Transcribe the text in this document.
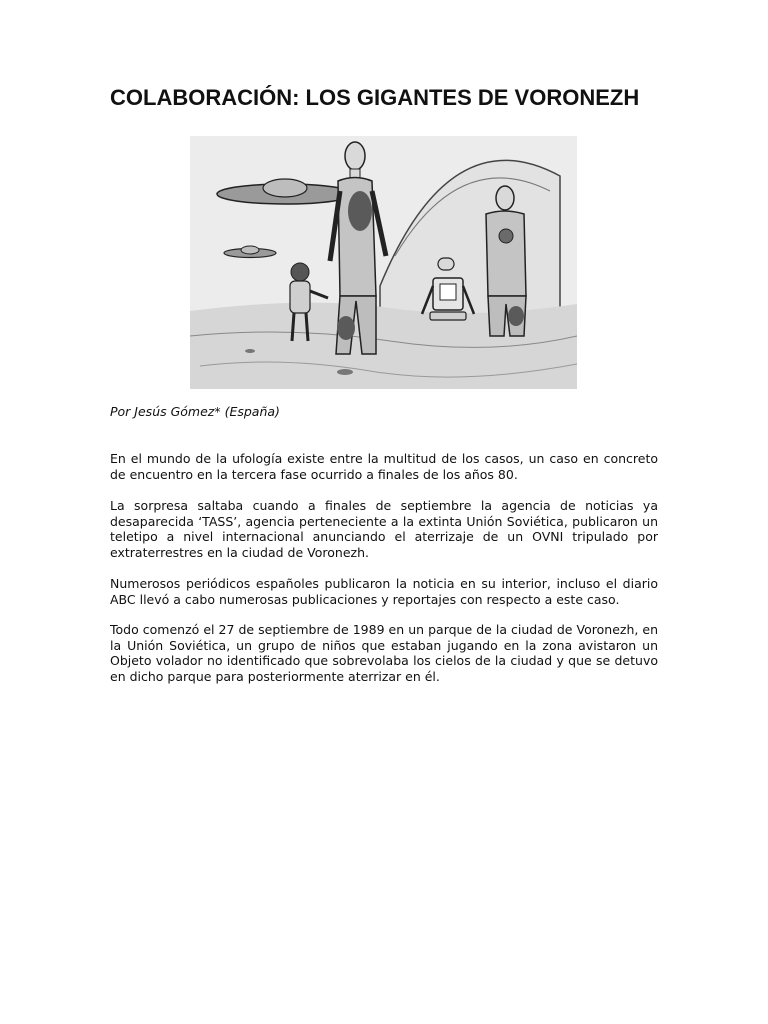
COLABORACIÓN: LOS GIGANTES DE VORONEZH
Por Jesús Gómez* (España)

En el mundo de la ufología existe entre la multitud de los casos, un caso en concreto de encuentro en la tercera fase ocurrido a finales de los años 80.

La sorpresa saltaba cuando a finales de septiembre la agencia de noticias ya desaparecida ‘TASS’, agencia perteneciente a la extinta Unión Soviética, publicaron un teletipo a nivel internacional anunciando el aterrizaje de un OVNI tripulado por extraterrestres en la ciudad de Voronezh.

Numerosos periódicos españoles publicaron la noticia en su interior, incluso el diario ABC llevó a cabo numerosas publicaciones y reportajes con respecto a este caso.

Todo comenzó el 27 de septiembre de 1989 en un parque de la ciudad de Voronezh, en la Unión Soviética, un grupo de niños que estaban jugando en la zona avistaron un Objeto volador no identificado que sobrevolaba los cielos de la ciudad y que se detuvo en dicho parque para posteriormente aterrizar en él.
